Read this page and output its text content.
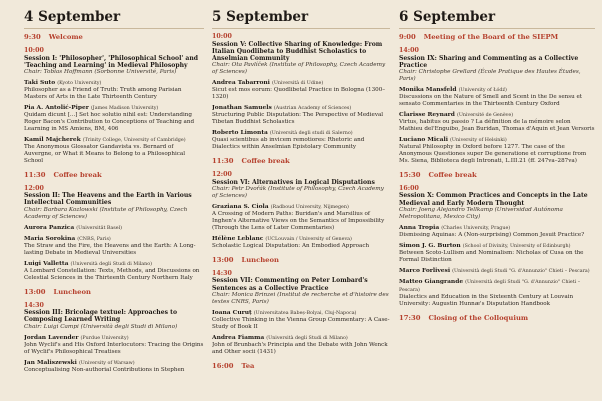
4 September
9:30 Welcome
10:00
Session I: 'Philosopher', 'Philosophical School' and 'Teaching and Learning' in Medieval Philosophy
Chair: Tobias Hoffmann (Sorbonne Université, Paris)
Taki Suto (Kyoto University)
Philosopher as a Friend of Truth: Truth among Parisian Masters of Arts in the Late Thirteenth Century
Pia A. Antolić-Piper (James Madison University)
Quidam dicunt [...] Set hoc solutio nihil est: Understanding Roger Bacon's Contribution to Conceptions of Teaching and Learning in MS Amiens, BM, 406
Kamil Majcherek (Trinity College, University of Cambridge)
The Anonymous Glossator Gandavista vs. Bernard of Auvergne, or What it Means to Belong to a Philosophical School
11:30 Coffee break
12:00
Session II: The Heavens and the Earth in Various Intellectual Communities
Chair: Barbara Kozlowski (Institute of Philosophy, Czech Academy of Sciences)
Aurora Panzica (Universität Basel)
Maria Sorokina (CNRS, Paris)
The Straw and the Fire, the Heavens and the Earth: A Long-lasting Debate in Medieval Universities
Luigi Valletta (Università degli Studi di Milano)
A Lombard Constellation: Texts, Methods, and Discussions on Celestial Sciences in the Thirteenth Century Northern Italy
13:00 Luncheon
14:30
Session III: Bricolage textuel: Approaches to Composing Learned Writing
Chair: Luigi Campi (Università degli Studi di Milano)
Jordan Lavender (Purdue University)
John Wyclif's and His Oxford Interlocutors: Tracing the Origins of Wyclif's Philosophical Treatises
Jan Maliszewski (University of Warsaw)
Conceptualising Non-authorial Contributions in Stephen
5 September
10:00
Session V: Collective Sharing of Knowledge: From Italian Quodlibeta to Buddhist Scholastics to Anselmian Community
Chair: Ota Pavlíček (Institute of Philosophy, Czech Academy of Sciences)
Andrea Tabarroni (Università di Udine)
Sicut est mos eorum: Quodlibetal Practice in Bologna (1300–1320)
Jonathan Samuels (Austrian Academy of Sciences)
Structuring Public Disputation: The Perspective of Medieval Tibetan Buddhist Scholastics
Roberto Limonta (Università degli studi di Salerno)
Quasi scientibus ab invicem remotiores: Rhetoric and Dialectics within Anselmian Epistolary Community
11:30 Coffee break
12:00
Session VI: Alternatives in Logical Disputations
Chair: Petr Dvořák (Institute of Philosophy, Czech Academy of Sciences)
Graziana S. Ciola (Radboud University, Nijmegen)
A Crossing of Modern Paths: Buridan's and Marsilius of Inghen's Alternative Views on the Semantics of Impossibility (Through the Lens of Later Commentaries)
Hélène Leblanc (UCLouvain / University of Geneva)
Scholastic Logical Disputation: An Embodied Approach
13:00 Luncheon
14:30
Session VII: Commenting on Peter Lombard's Sentences as a Collective Practice
Chair: Monica Brinzei (Institut de recherche et d'histoire des textes CNRS, Paris)
Ioana Curuț (Universitatea Babeș-Bolyai, Cluj-Napoca)
Collective Thinking in the Vienna Group Commentary: A Case-Study of Book II
Andrea Fiamma (Università degli Studi di Milano)
John of Brunbach's Principia and the Debate with John Wenck and Other socii (1431)
16:00 Tea
6 September
9:00 Meeting of the Board of the SIEPM
14:00
Session IX: Sharing and Commenting as a Collective Practice
Chair: Christophe Grellard (École Pratique des Hautes Études, Paris)
Monika Mansfeld (University of Łódź)
Discussions on the Nature of Smell and Scent in the De sensu et sensato Commentaries in the Thirteenth Century Oxford
Clarisse Reynard (Université de Genève)
Virtus, habitus ou passio ? La définition de la mémoire selon Mathieu del'Enguibo, Jean Buridan, Thomas d'Aquin et Jean Versoris
Luciano Micali (University of Helsinki)
Natural Philosophy in Oxford before 1277. The case of the Anonymous Questiones super De generatione et corruptione from Ms. Siena, Biblioteca degli Intronati, L.III.21 (ff. 247va–287va)
15:30 Coffee break
16:00
Session X: Common Practices and Concepts in the Late Medieval and Early Modern Thought
Chair: Joeng Alejandro Tellkamp (Universidad Autónoma Metropolitana, Mexico City)
Anna Tropia (Charles University, Prague)
Dismissing Aquinas: A (Non-surprising) Common Jesuit Practice?
Simon J. G. Burton (School of Divinity, University of Edinburgh)
Between Scoto-Lullism and Nominalism: Nicholas of Cusa on the Formal Distinction
Marco Forlivesi (Università degli Studi "G. d'Annunzio" Chieti – Pescara)
Matteo Giangrande (Università degli Studi "G. d'Annunzio" Chieti – Pescara)
Dialectics and Education in the Sixteenth Century at Louvain University: Augustin Hunnæ's Disputation Handbook
17:30 Closing of the Colloquium
